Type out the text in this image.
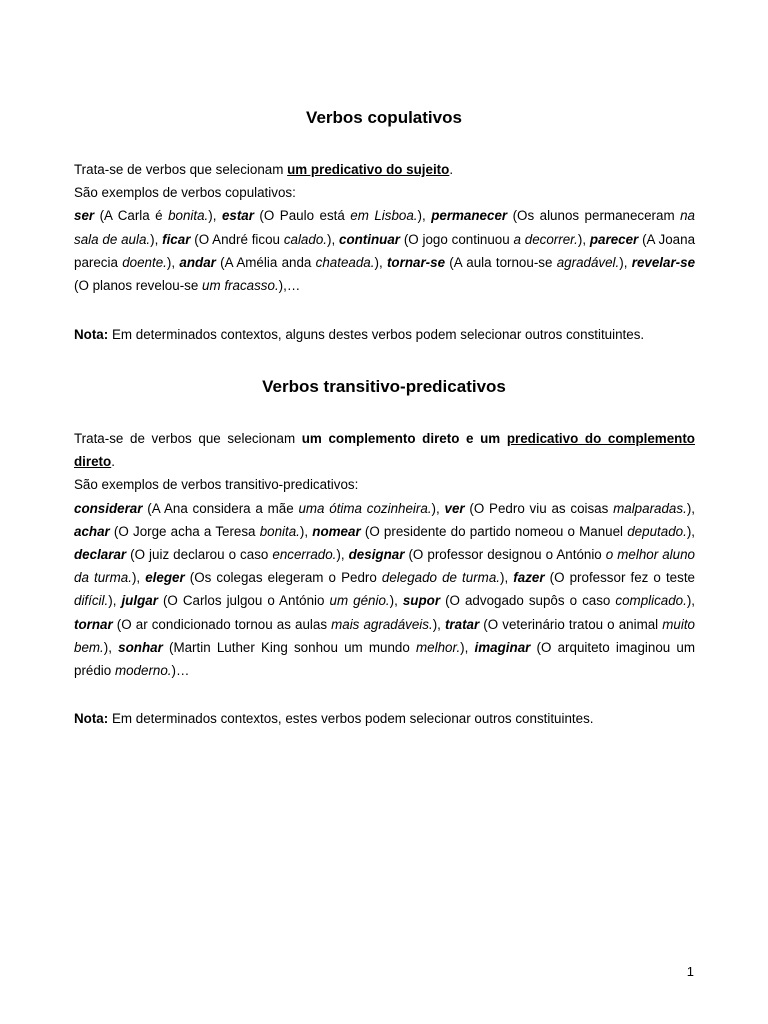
Verbos copulativos

Trata-se de verbos que selecionam um predicativo do sujeito.

São exemplos de verbos copulativos:

ser (A Carla é bonita.), estar (O Paulo está em Lisboa.), permanecer (Os alunos permaneceram na sala de aula.), ficar (O André ficou calado.), continuar (O jogo continuou a decorrer.), parecer (A Joana parecia doente.), andar (A Amélia anda chateada.), tornar-se (A aula tornou-se agradável.), revelar-se (O planos revelou-se um fracasso.),…

Nota: Em determinados contextos, alguns destes verbos podem selecionar outros constituintes.

Verbos transitivo-predicativos

Trata-se de verbos que selecionam um complemento direto e um predicativo do complemento direto.

São exemplos de verbos transitivo-predicativos:

considerar (A Ana considera a mãe uma ótima cozinheira.), ver (O Pedro viu as coisas malparadas.), achar (O Jorge acha a Teresa bonita.), nomear (O presidente do partido nomeou o Manuel deputado.), declarar (O juiz declarou o caso encerrado.), designar (O professor designou o António o melhor aluno da turma.), eleger (Os colegas elegeram o Pedro delegado de turma.), fazer (O professor fez o teste difícil.), julgar (O Carlos julgou o António um génio.), supor (O advogado supôs o caso complicado.), tornar (O ar condicionado tornou as aulas mais agradáveis.), tratar (O veterinário tratou o animal muito bem.), sonhar (Martin Luther King sonhou um mundo melhor.), imaginar (O arquiteto imaginou um prédio moderno.)…

Nota: Em determinados contextos, estes verbos podem selecionar outros constituintes.

1
